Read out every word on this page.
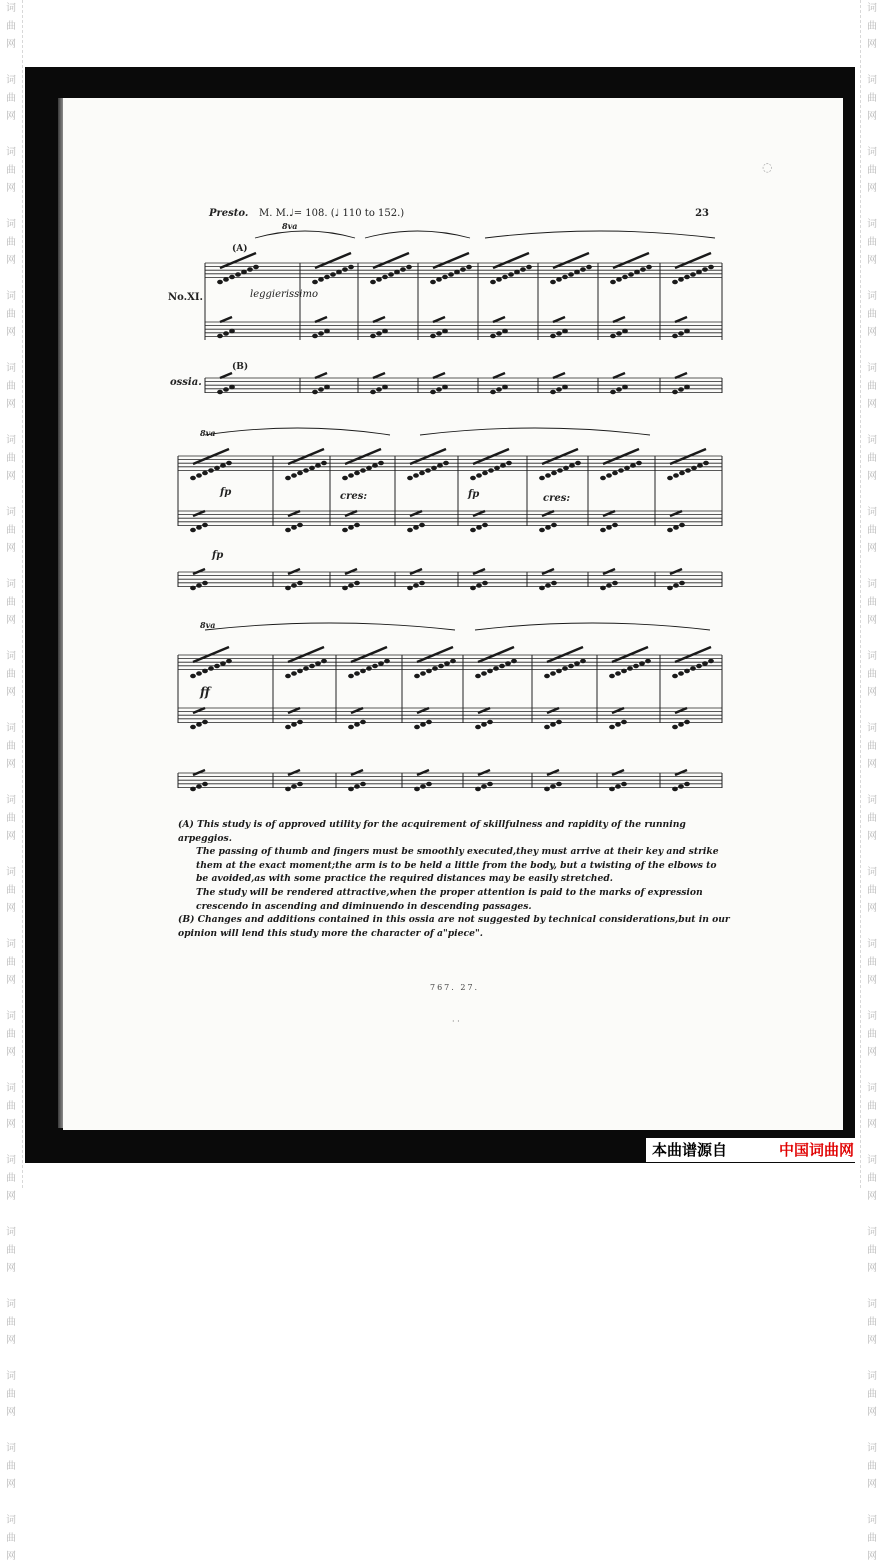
词
曲
网

词
曲
网

词
曲
网

词
曲
网

词
曲
网

词
曲
网

词
曲
网

词
曲
网

词
曲
网

词
曲
网

词
曲
网

词
曲
网

词
曲
网

词
曲
网

词
曲
网

词
曲
网

词
曲
网

词
曲
网

词
曲
网

词
曲
网

词
曲
网

词
曲
网

词
曲
网

词
曲
网

词
曲
网

词
曲
网

词
曲
网

词
曲
网

词
曲
网

词
曲
网

词
曲
网

词
曲
网

词
曲
网

词
曲
网

词
曲
网

词
曲
网

词
曲
网

词
曲
网

词
曲
网

词
曲
网

词
曲
网

词
曲
网

词
曲
网

词
曲
网

◌
Presto. M. M.♩= 108. (♩ 110 to 152.)	23
(A)
No.XI.	leggierissimo
(B)
ossia.
8va
8va
8va
fp	fp
fp
cres:	cres:
ff

(A) This study is of approved utility for the acquirement of skillfulness and rapidity of the running arpeggios.

The passing of thumb and fingers must be smoothly executed,they must arrive at their key and strike them at the exact moment;the arm is to be held a little from the body, but a twisting of the elbows to be avoided,as with some practice the required distances may be easily stretched.

The study will be rendered attractive,when the proper attention is paid to the marks of expression crescendo in ascending and diminuendo in descending passages.

(B) Changes and additions contained in this ossia are not suggested by technical considerations,but in our opinion will lend this study more the character of a"piece".

767. 27.
· ·
本曲谱源自	中国词曲网
